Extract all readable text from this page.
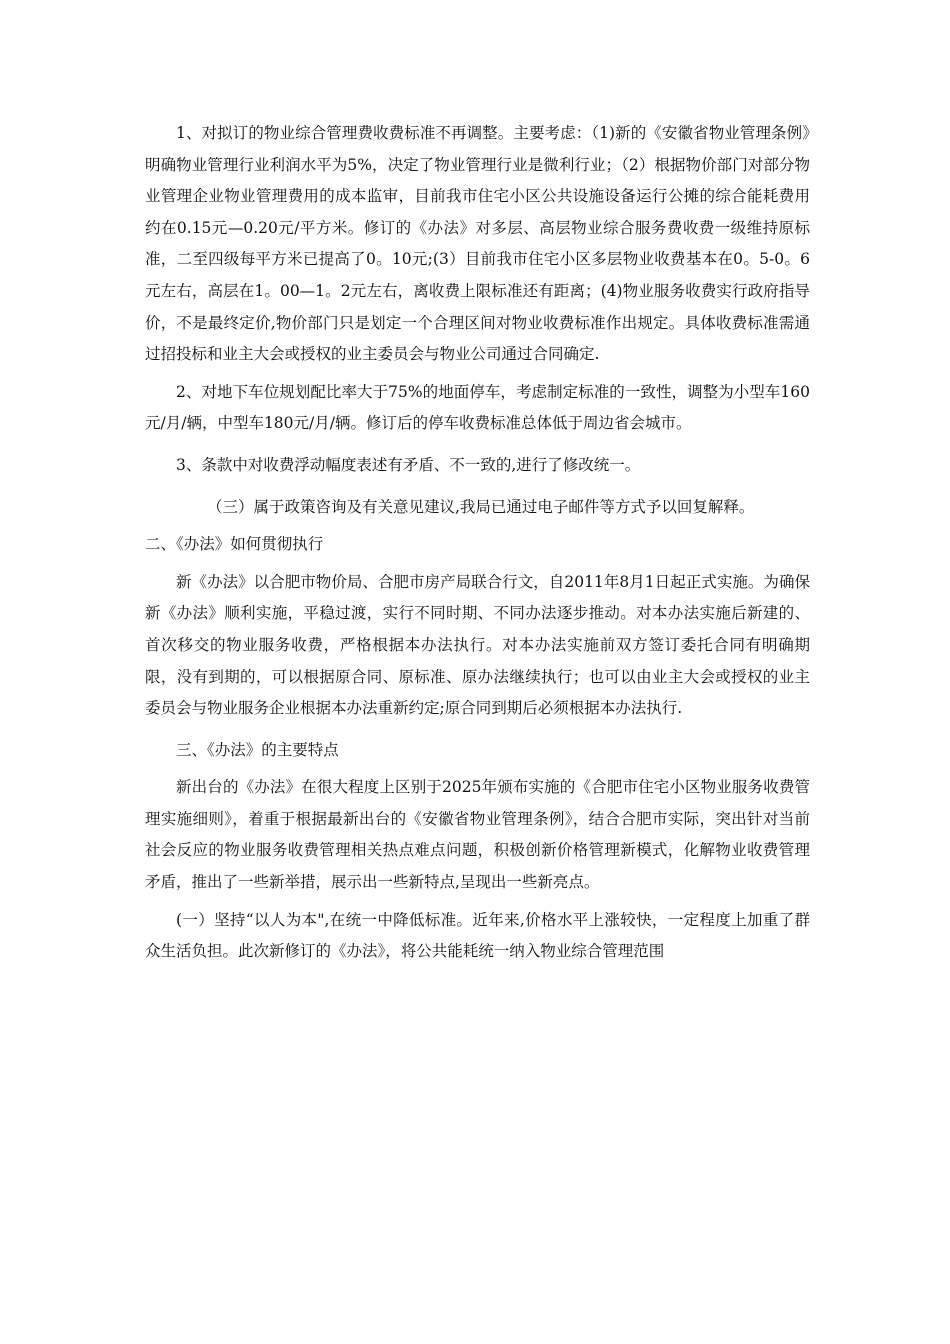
1、对拟订的物业综合管理费收费标准不再调整。主要考虑：（1)新的《安徽省物业管理条例》明确物业管理行业利润水平为5%，决定了物业管理行业是微利行业；（2）根据物价部门对部分物业管理企业物业管理费用的成本监审，目前我市住宅小区公共设施设备运行公摊的综合能耗费用约在0.15元—0.20元/平方米。修订的《办法》对多层、高层物业综合服务费收费一级维持原标准，二至四级每平方米已提高了0。10元;(3）目前我市住宅小区多层物业收费基本在0。5-0。6元左右，高层在1。00—1。2元左右，离收费上限标准还有距离；(4)物业服务收费实行政府指导价，不是最终定价,物价部门只是划定一个合理区间对物业收费标准作出规定。具体收费标准需通过招投标和业主大会或授权的业主委员会与物业公司通过合同确定.

2、对地下车位规划配比率大于75%的地面停车，考虑制定标准的一致性，调整为小型车160元/月/辆，中型车180元/月/辆。修订后的停车收费标准总体低于周边省会城市。

3、条款中对收费浮动幅度表述有矛盾、不一致的,进行了修改统一。

（三）属于政策咨询及有关意见建议,我局已通过电子邮件等方式予以回复解释。

二、《办法》如何贯彻执行

新《办法》以合肥市物价局、合肥市房产局联合行文，自2011年8月1日起正式实施。为确保新《办法》顺利实施，平稳过渡，实行不同时期、不同办法逐步推动。对本办法实施后新建的、首次移交的物业服务收费，严格根据本办法执行。对本办法实施前双方签订委托合同有明确期限，没有到期的，可以根据原合同、原标准、原办法继续执行；也可以由业主大会或授权的业主委员会与物业服务企业根据本办法重新约定;原合同到期后必须根据本办法执行.

三、《办法》的主要特点

新出台的《办法》在很大程度上区别于2025年颁布实施的《合肥市住宅小区物业服务收费管理实施细则》，着重于根据最新出台的《安徽省物业管理条例》，结合合肥市实际，突出针对当前社会反应的物业服务收费管理相关热点难点问题，积极创新价格管理新模式，化解物业收费管理矛盾，推出了一些新举措，展示出一些新特点,呈现出一些新亮点。

(一）坚持“以人为本",在统一中降低标准。近年来,价格水平上涨较快，一定程度上加重了群众生活负担。此次新修订的《办法》，将公共能耗统一纳入物业综合管理范围
